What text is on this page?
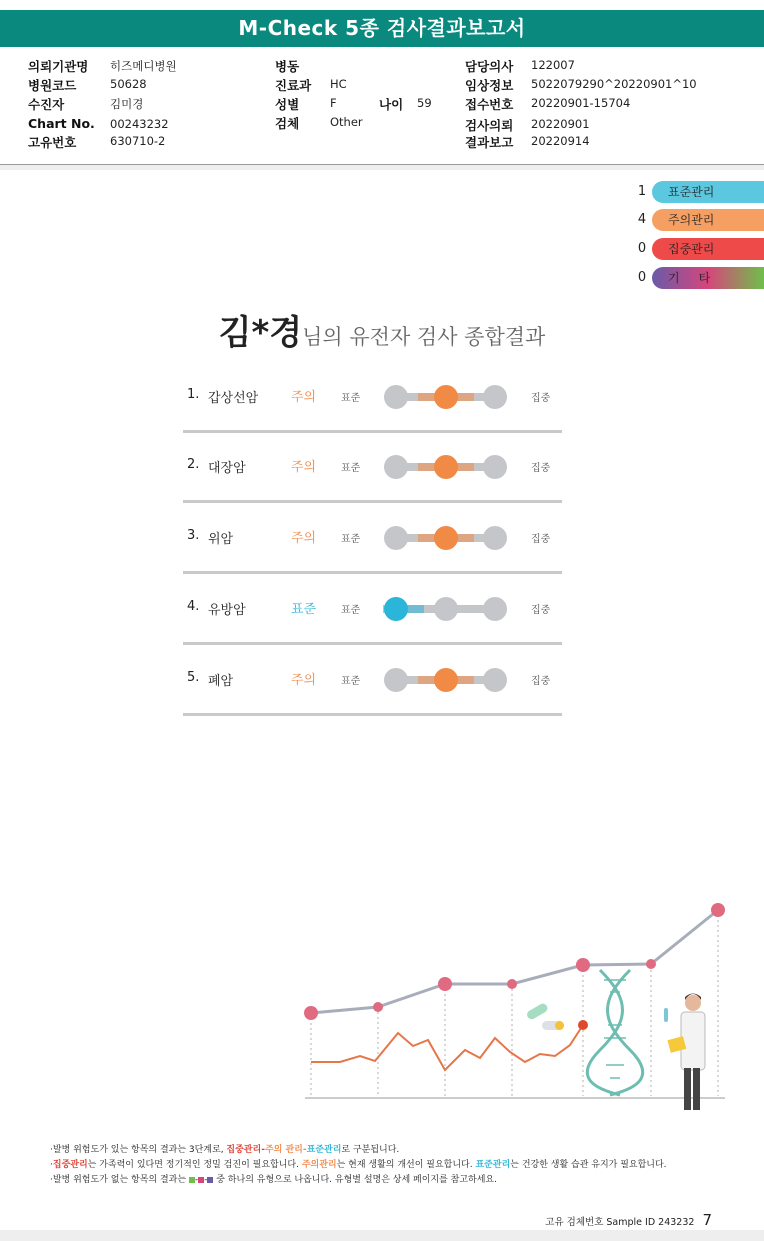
M-Check 5종 검사결과보고서
의뢰기관명 히즈메디병원
병원코드	50628
수진자	김미경
Chart No. 00243232
고유번호	630710-2
병동
진료과 HC
성별	F
검체	Other
나이 59
담당의사 122007
임상정보 5022079290^20220901^10
접수번호 20220901-15704
검사의뢰 20220901
결과보고 20220914
1	표준관리
4	주의관리
0	집중관리
0	기     타
김*경님의 유전자 검사 종합결과
1. 갑상선암	주의 표준	집중
2. 대장암	주의 표준	집중
3. 위암	주의 표준	집중
4. 유방암	표준 표준	집중
5. 폐암	주의 표준	집중
·발병 위험도가 있는 항목의 결과는 3단계로, 집중관리-주의 관리-표준관리로 구분됩니다.
·집중관리는 가족력이 있다면 정기적인 정밀 검진이 필요합니다. 주의관리는 현재 생활의 개선이 필요합니다. 표준관리는 건강한 생활 습관 유지가 필요합니다.
·발병 위험도가 없는 항목의 결과는 - - 중 하나의 유형으로 나옵니다. 유형별 설명은 상세 페이지를 참고하세요.
고유 검체번호 Sample ID 243232 7
